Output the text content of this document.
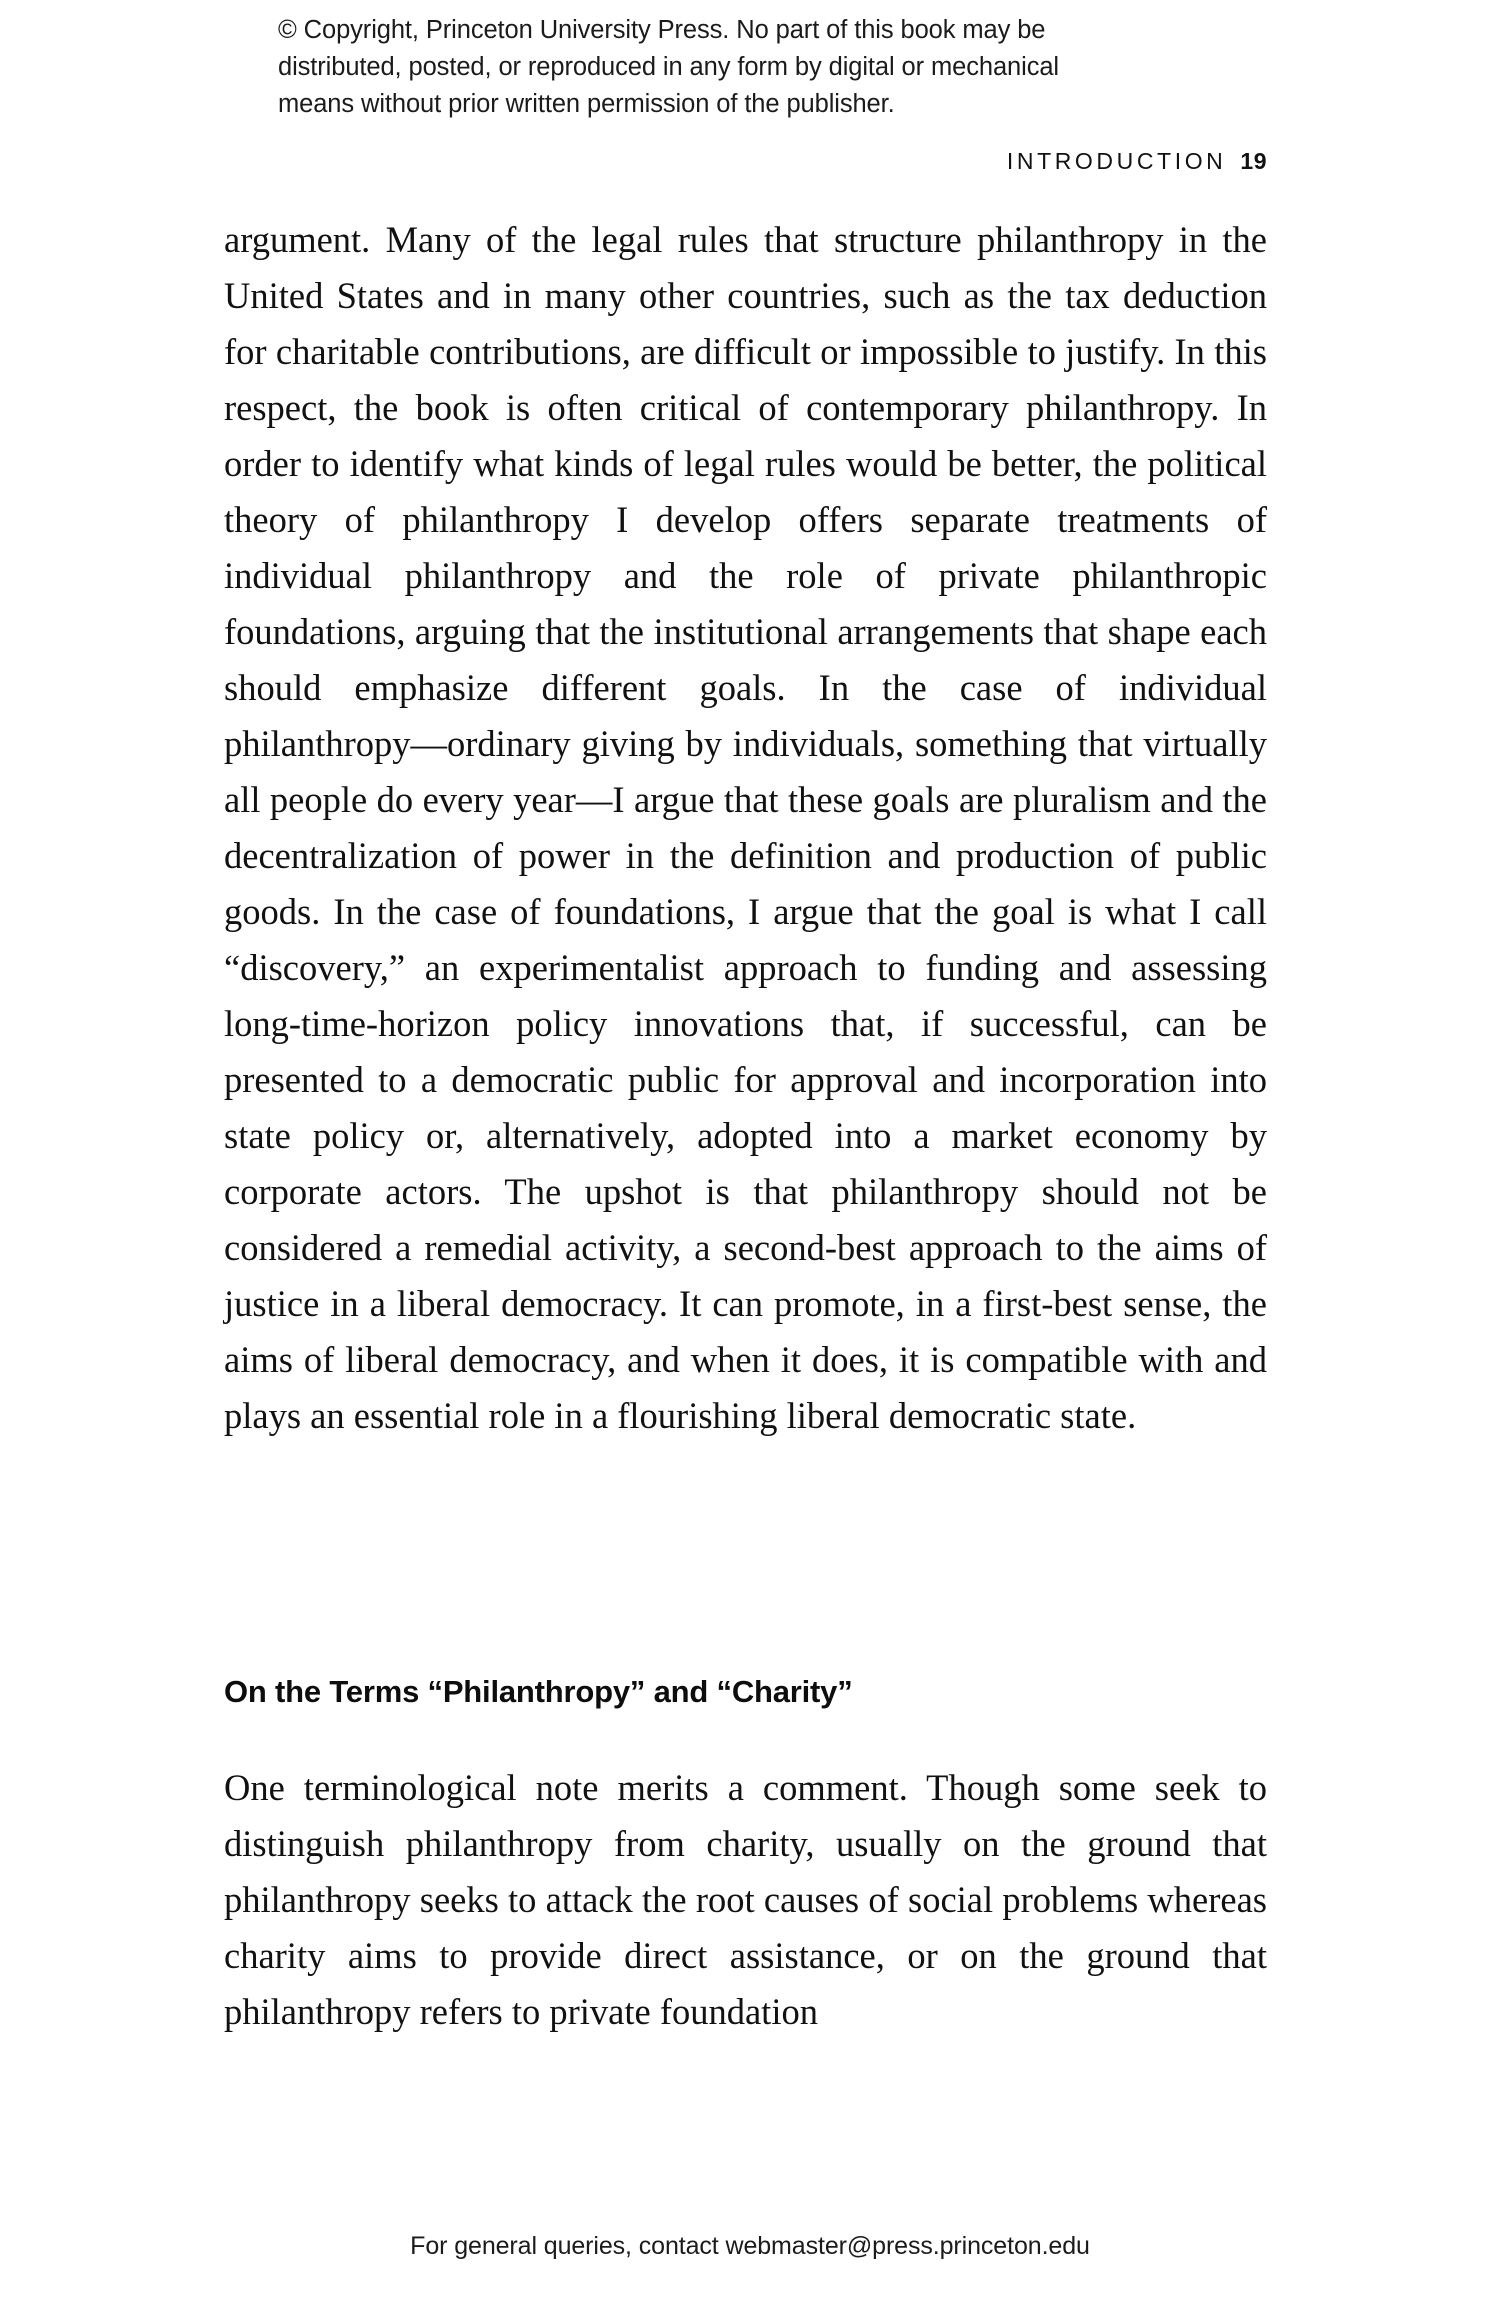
© Copyright, Princeton University Press. No part of this book may be
distributed, posted, or reproduced in any form by digital or mechanical
means without prior written permission of the publisher.
INTRODUCTION 19

argument. Many of the legal rules that structure philanthropy in the United States and in many other countries, such as the tax deduction for charitable contributions, are difficult or impossible to justify. In this respect, the book is often critical of contemporary philanthropy. In order to identify what kinds of legal rules would be better, the political theory of philanthropy I develop offers separate treatments of individual philanthropy and the role of private philanthropic foundations, arguing that the institutional arrangements that shape each should emphasize different goals. In the case of individual philanthropy—ordinary giving by individuals, something that virtually all people do every year—I argue that these goals are pluralism and the decentralization of power in the definition and production of public goods. In the case of foundations, I argue that the goal is what I call “discovery,” an experimentalist approach to funding and assessing long-time-horizon policy innovations that, if successful, can be presented to a democratic public for approval and incorporation into state policy or, alternatively, adopted into a market economy by corporate actors. The upshot is that philanthropy should not be considered a remedial activity, a second-best approach to the aims of justice in a liberal democracy. It can promote, in a first-best sense, the aims of liberal democracy, and when it does, it is compatible with and plays an essential role in a flourishing liberal democratic state.

On the Terms “Philanthropy” and “Charity”

One terminological note merits a comment. Though some seek to distinguish philanthropy from charity, usually on the ground that philanthropy seeks to attack the root causes of social problems whereas charity aims to provide direct assistance, or on the ground that philanthropy refers to private foundation

For general queries, contact webmaster@press.princeton.edu
